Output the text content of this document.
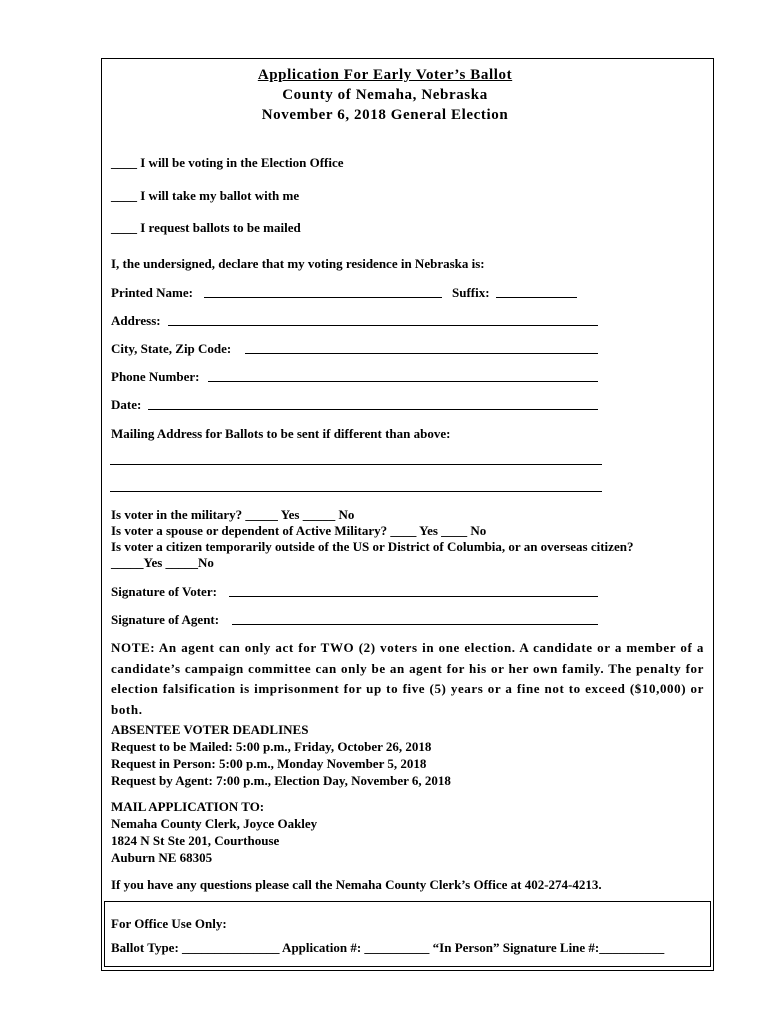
Application For Early Voter’s Ballot
County of Nemaha, Nebraska
November 6, 2018 General Election
____ I will be voting in the Election Office
____ I will take my ballot with me
____ I request ballots to be mailed
I, the undersigned, declare that my voting residence in Nebraska is:
Printed Name:	Suffix:
Address:
City, State, Zip Code:
Phone Number:
Date:
Mailing Address for Ballots to be sent if different than above:
Is voter in the military? _____ Yes _____ No
Is voter a spouse or dependent of Active Military? ____ Yes ____ No
Is voter a citizen temporarily outside of the US or District of Columbia, or an overseas citizen?
_____Yes _____No
Signature of Voter:
Signature of Agent:
NOTE: An agent can only act for TWO (2) voters in one election. A candidate or a member of a candidate’s campaign committee can only be an agent for his or her own family. The penalty for election falsification is imprisonment for up to five (5) years or a fine not to exceed ($10,000) or both.
ABSENTEE VOTER DEADLINES
Request to be Mailed: 5:00 p.m., Friday, October 26, 2018
Request in Person: 5:00 p.m., Monday November 5, 2018
Request by Agent: 7:00 p.m., Election Day, November 6, 2018
MAIL APPLICATION TO:
Nemaha County Clerk, Joyce Oakley
1824 N St Ste 201, Courthouse
Auburn NE 68305
If you have any questions please call the Nemaha County Clerk’s Office at 402-274-4213.
For Office Use Only:
Ballot Type: _______________ Application #: __________ “In Person” Signature Line #:__________
